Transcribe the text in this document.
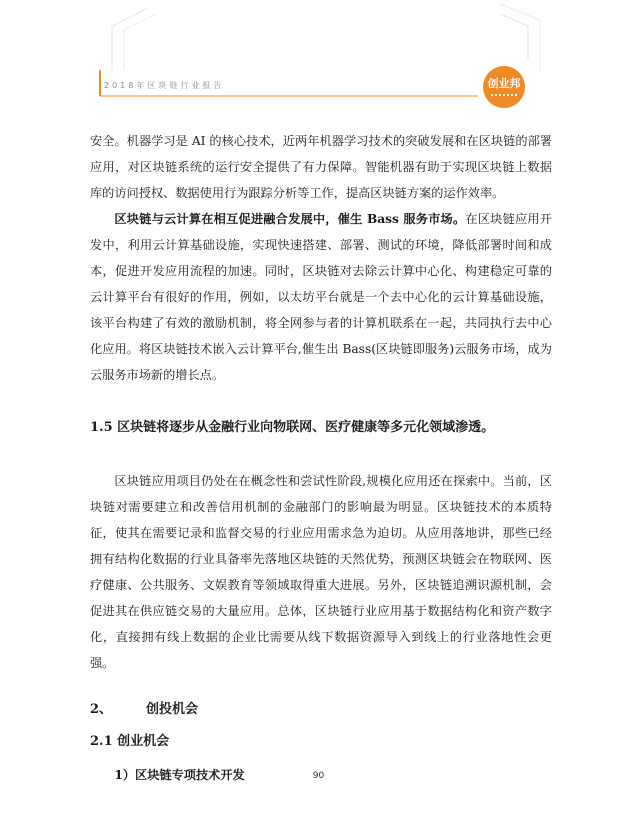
2018年区块链行业报告	创业邦

安全。机器学习是 AI 的核心技术，近两年机器学习技术的突破发展和在区块链的部署应用，对区块链系统的运行安全提供了有力保障。智能机器有助于实现区块链上数据库的访问授权、数据使用行为跟踪分析等工作，提高区块链方案的运作效率。

区块链与云计算在相互促进融合发展中，催生 Bass 服务市场。在区块链应用开发中，利用云计算基础设施，实现快速搭建、部署、测试的环境，降低部署时间和成本，促进开发应用流程的加速。同时，区块链对去除云计算中心化、构建稳定可靠的云计算平台有很好的作用，例如，以太坊平台就是一个去中心化的云计算基础设施，该平台构建了有效的激励机制，将全网参与者的计算机联系在一起，共同执行去中心化应用。将区块链技术嵌入云计算平台,催生出 Bass(区块链即服务)云服务市场，成为云服务市场新的增长点。

1.5 区块链将逐步从金融行业向物联网、医疗健康等多元化领域渗透。

区块链应用项目仍处在在概念性和尝试性阶段,规模化应用还在探索中。当前，区块链对需要建立和改善信用机制的金融部门的影响最为明显。区块链技术的本质特征，使其在需要记录和监督交易的行业应用需求急为迫切。从应用落地讲，那些已经拥有结构化数据的行业具备率先落地区块链的天然优势，预测区块链会在物联网、医疗健康、公共服务、文娱教育等领域取得重大进展。另外，区块链追溯识源机制，会促进其在供应链交易的大量应用。总体，区块链行业应用基于数据结构化和资产数字化，直接拥有线上数据的企业比需要从线下数据资源导入到线上的行业落地性会更强。

2、	创投机会
2.1 创业机会

1）区块链专项技术开发	90
